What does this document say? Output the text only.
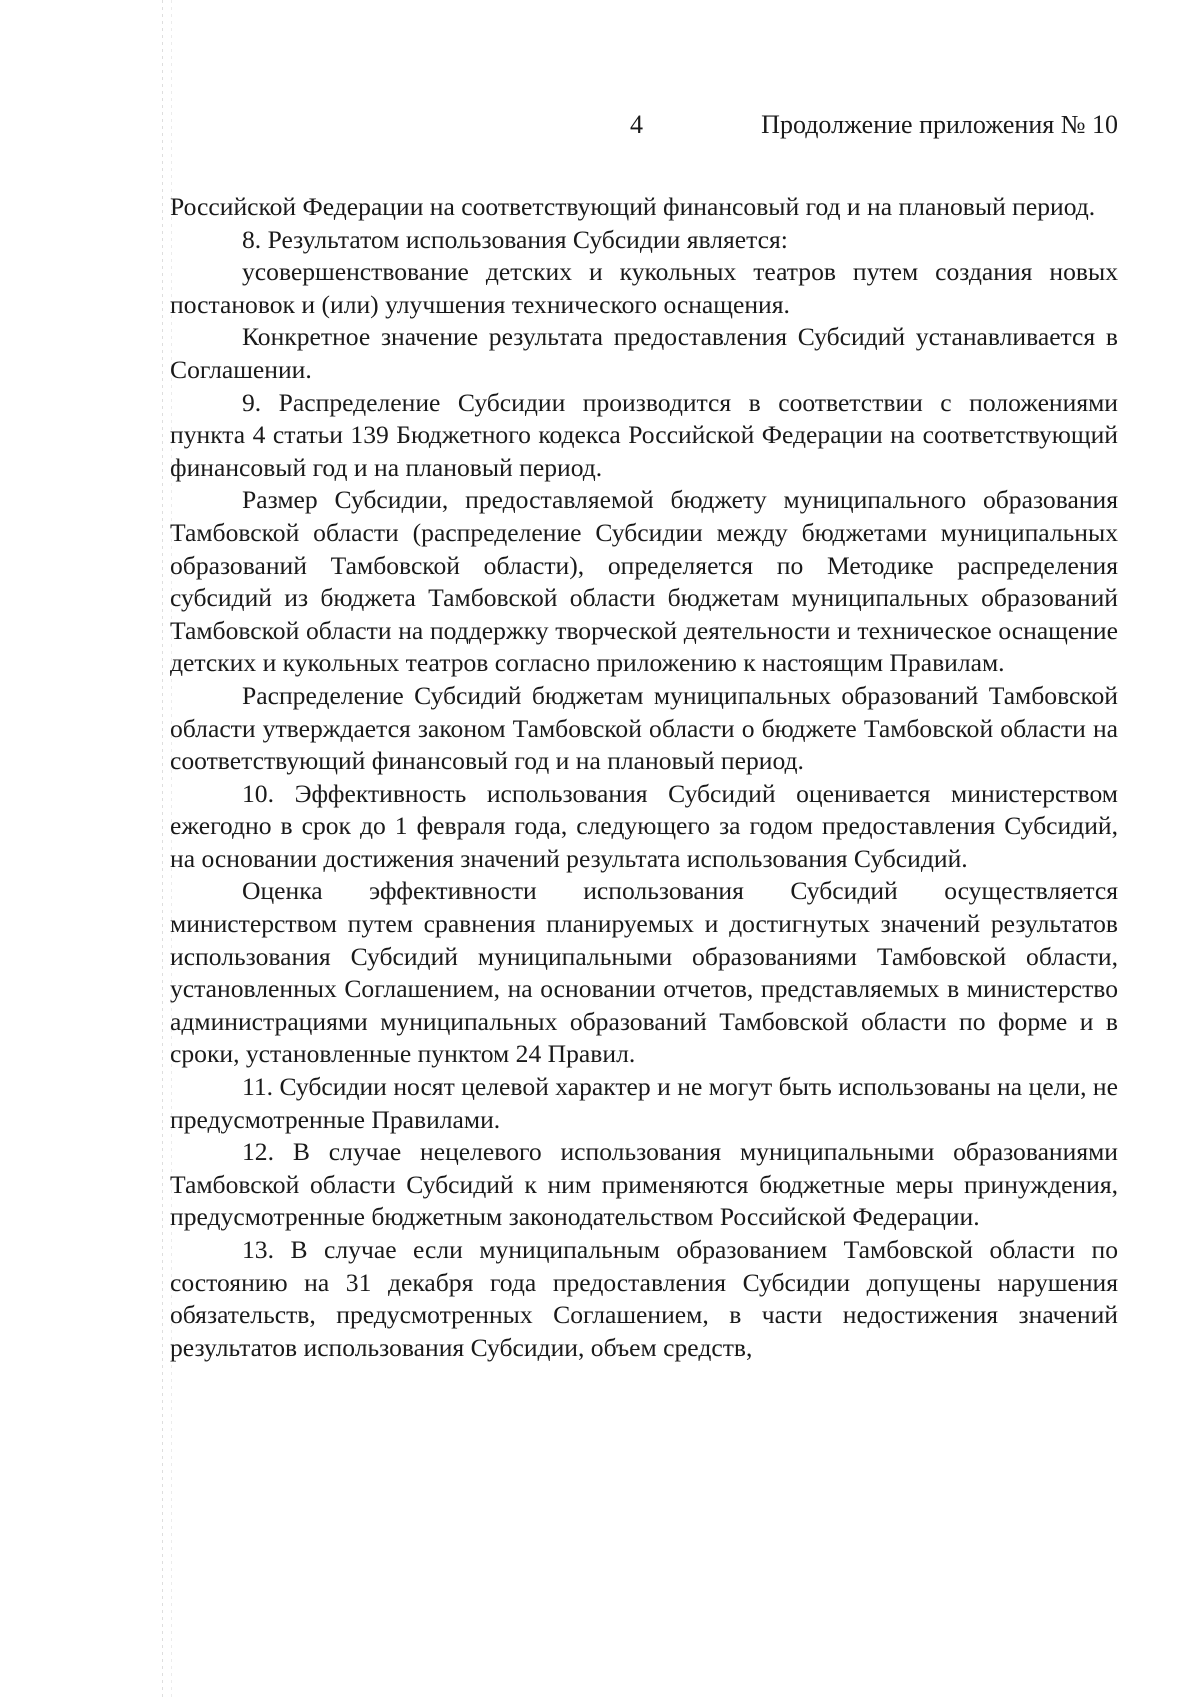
4	Продолжение приложения № 10

Российской Федерации на соответствующий финансовый год и на плановый период.

8. Результатом использования Субсидии является:

усовершенствование детских и кукольных театров путем создания новых постановок и (или) улучшения технического оснащения.

Конкретное значение результата предоставления Субсидий устанавливается в Соглашении.

9. Распределение Субсидии производится в соответствии с положениями пункта 4 статьи 139 Бюджетного кодекса Российской Федерации на соответствующий финансовый год и на плановый период.

Размер Субсидии, предоставляемой бюджету муниципального образования Тамбовской области (распределение Субсидии между бюджетами муниципальных образований Тамбовской области), определяется по Методике распределения субсидий из бюджета Тамбовской области бюджетам муниципальных образований Тамбовской области на поддержку творческой деятельности и техническое оснащение детских и кукольных театров согласно приложению к настоящим Правилам.

Распределение Субсидий бюджетам муниципальных образований Тамбовской области утверждается законом Тамбовской области о бюджете Тамбовской области на соответствующий финансовый год и на плановый период.

10. Эффективность использования Субсидий оценивается министерством ежегодно в срок до 1 февраля года, следующего за годом предоставления Субсидий, на основании достижения значений результата использования Субсидий.

Оценка эффективности использования Субсидий осуществляется министерством путем сравнения планируемых и достигнутых значений результатов использования Субсидий муниципальными образованиями Тамбовской области, установленных Соглашением, на основании отчетов, представляемых в министерство администрациями муниципальных образований Тамбовской области по форме и в сроки, установленные пунктом 24 Правил.

11. Субсидии носят целевой характер и не могут быть использованы на цели, не предусмотренные Правилами.

12. В случае нецелевого использования муниципальными образованиями Тамбовской области Субсидий к ним применяются бюджетные меры принуждения, предусмотренные бюджетным законодательством Российской Федерации.

13. В случае если муниципальным образованием Тамбовской области по состоянию на 31 декабря года предоставления Субсидии допущены нарушения обязательств, предусмотренных Соглашением, в части недостижения значений результатов использования Субсидии, объем средств,
